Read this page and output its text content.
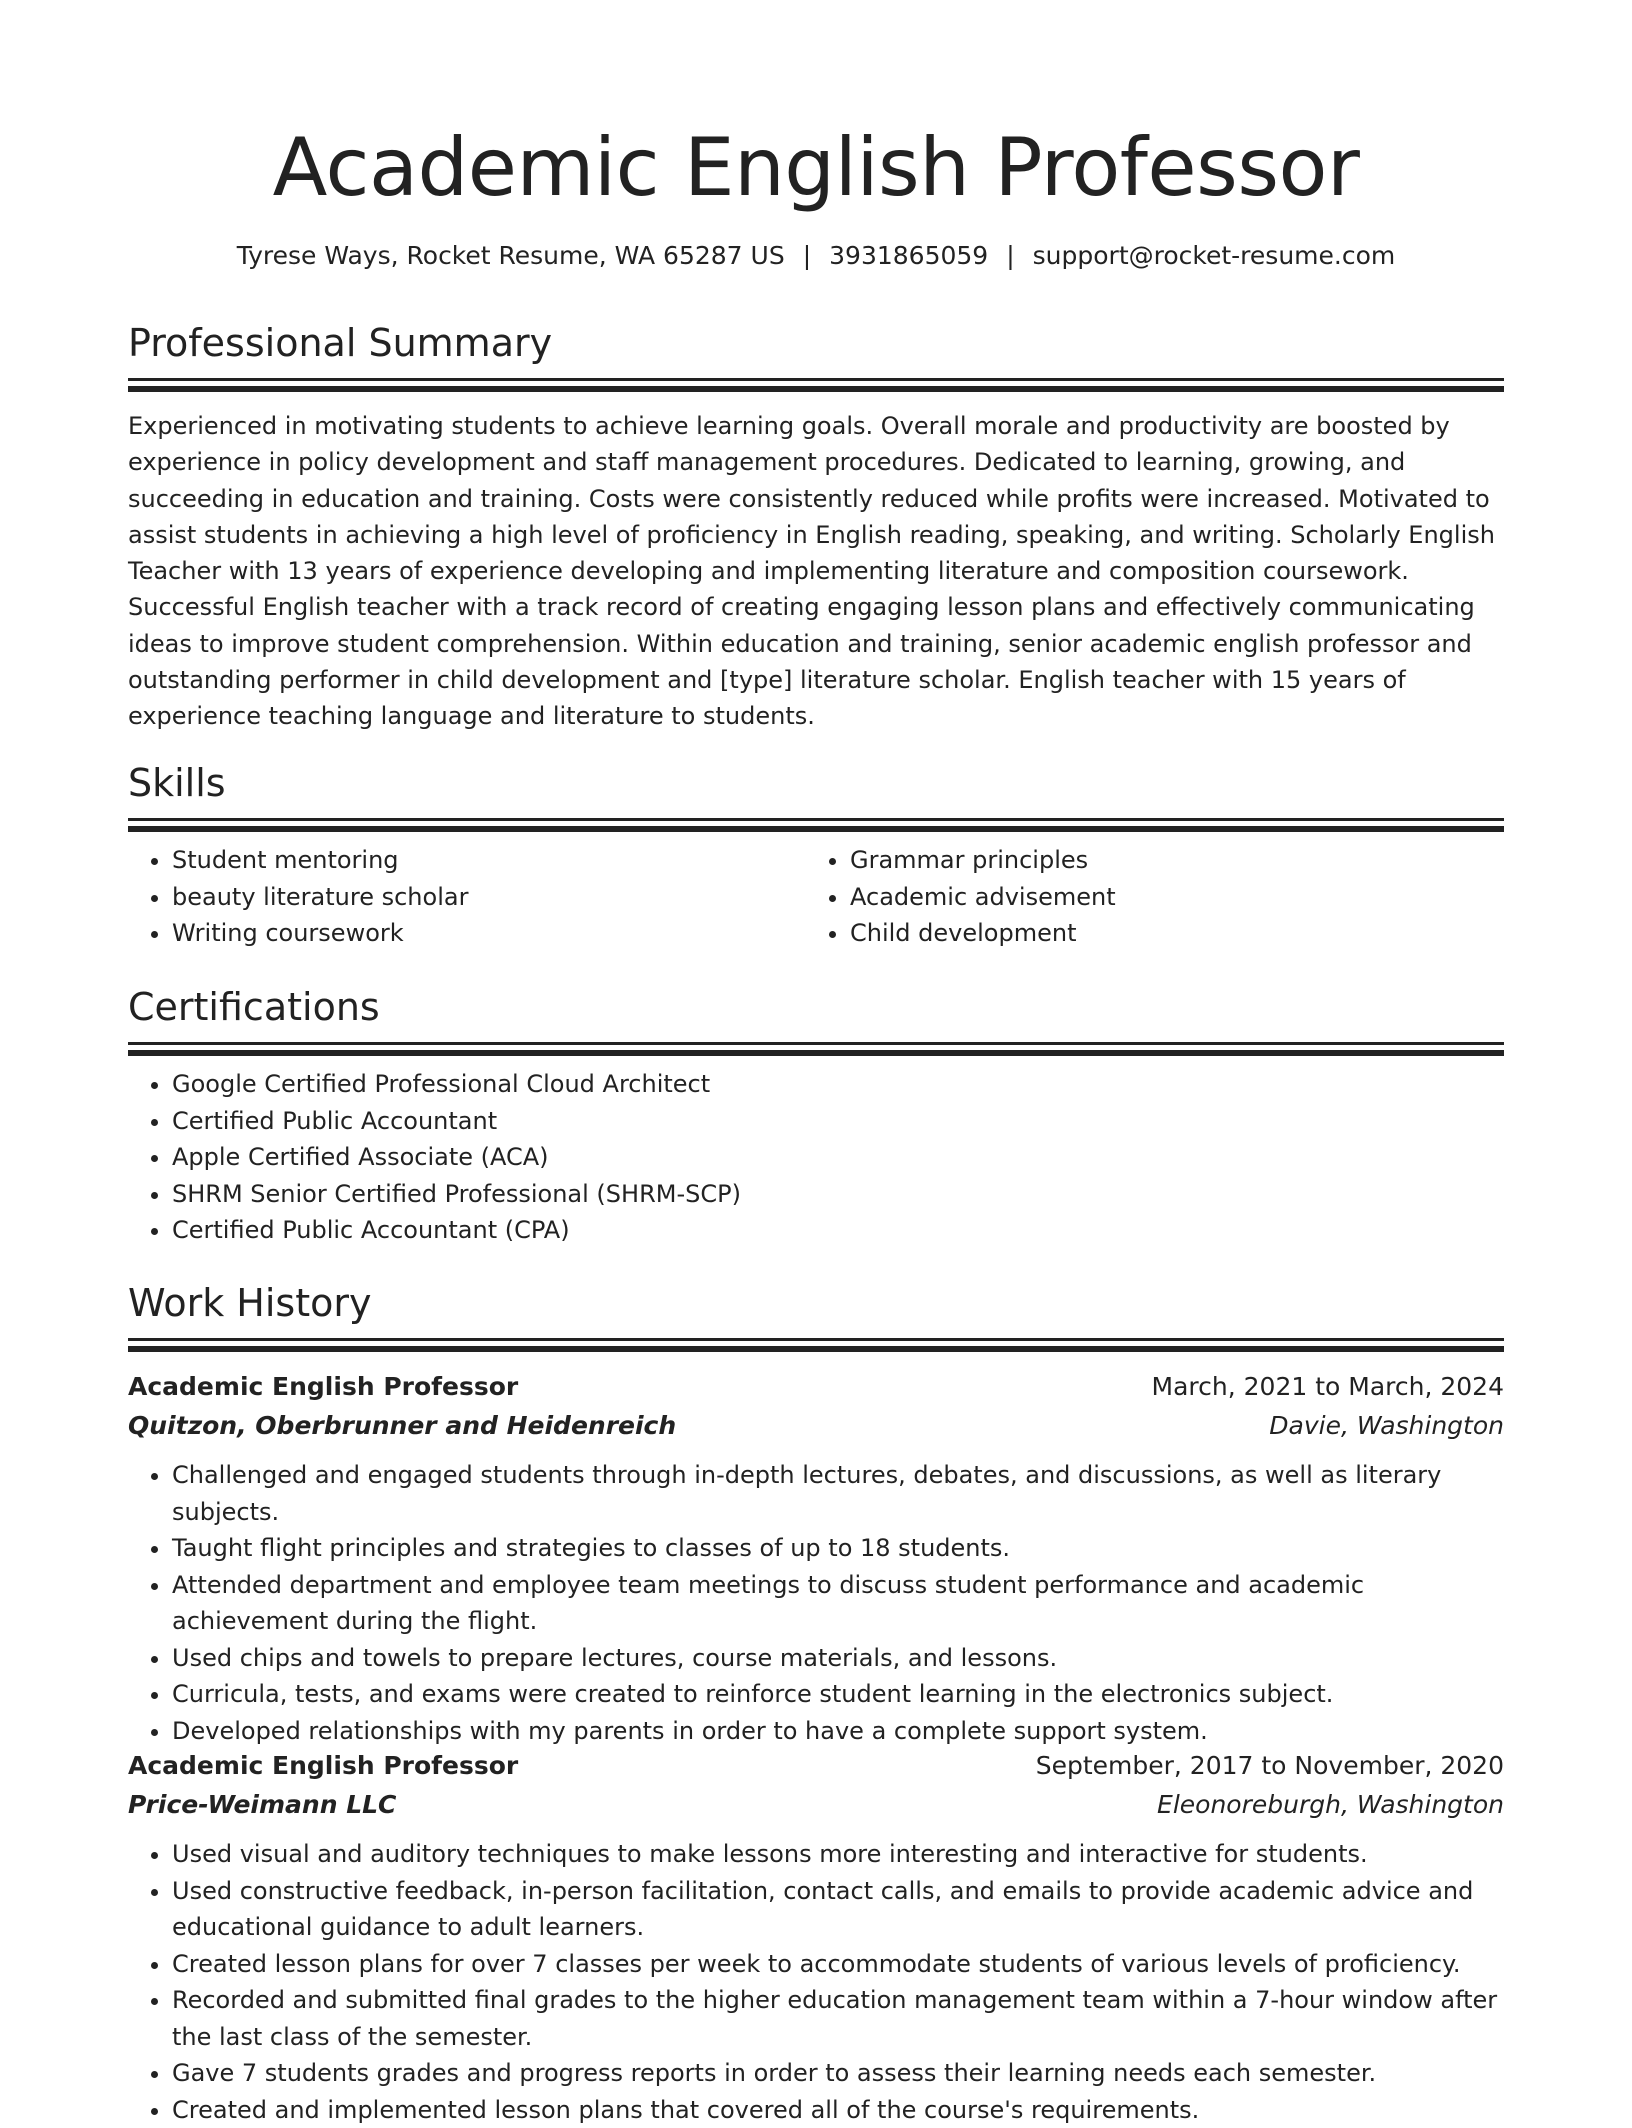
Academic English Professor
Tyrese Ways, Rocket Resume, WA 65287 US | 3931865059 | support@rocket-resume.com
Professional Summary

Experienced in motivating students to achieve learning goals. Overall morale and productivity are boosted by experience in policy development and staff management procedures. Dedicated to learning, growing, and succeeding in education and training. Costs were consistently reduced while profits were increased. Motivated to assist students in achieving a high level of proficiency in English reading, speaking, and writing. Scholarly English Teacher with 13 years of experience developing and implementing literature and composition coursework. Successful English teacher with a track record of creating engaging lesson plans and effectively communicating ideas to improve student comprehension. Within education and training, senior academic english professor and outstanding performer in child development and [type] literature scholar. English teacher with 15 years of experience teaching language and literature to students.

Skills
• Student mentoring
• beauty literature scholar
• Writing coursework
• Grammar principles
• Academic advisement
• Child development
Certifications
• Google Certified Professional Cloud Architect
• Certified Public Accountant
• Apple Certified Associate (ACA)
• SHRM Senior Certified Professional (SHRM-SCP)
• Certified Public Accountant (CPA)
Work History
Academic English Professor	March, 2021 to March, 2024
Quitzon, Oberbrunner and Heidenreich	Davie, Washington
• Challenged and engaged students through in-depth lectures, debates, and discussions, as well as literary subjects.
• Taught flight principles and strategies to classes of up to 18 students.
• Attended department and employee team meetings to discuss student performance and academic achievement during the flight.
• Used chips and towels to prepare lectures, course materials, and lessons.
• Curricula, tests, and exams were created to reinforce student learning in the electronics subject.
• Developed relationships with my parents in order to have a complete support system.
Academic English Professor	September, 2017 to November, 2020
Price-Weimann LLC	Eleonoreburgh, Washington
• Used visual and auditory techniques to make lessons more interesting and interactive for students.
• Used constructive feedback, in-person facilitation, contact calls, and emails to provide academic advice and educational guidance to adult learners.
• Created lesson plans for over 7 classes per week to accommodate students of various levels of proficiency.
• Recorded and submitted final grades to the higher education management team within a 7-hour window after the last class of the semester.
• Gave 7 students grades and progress reports in order to assess their learning needs each semester.
• Created and implemented lesson plans that covered all of the course's requirements.
